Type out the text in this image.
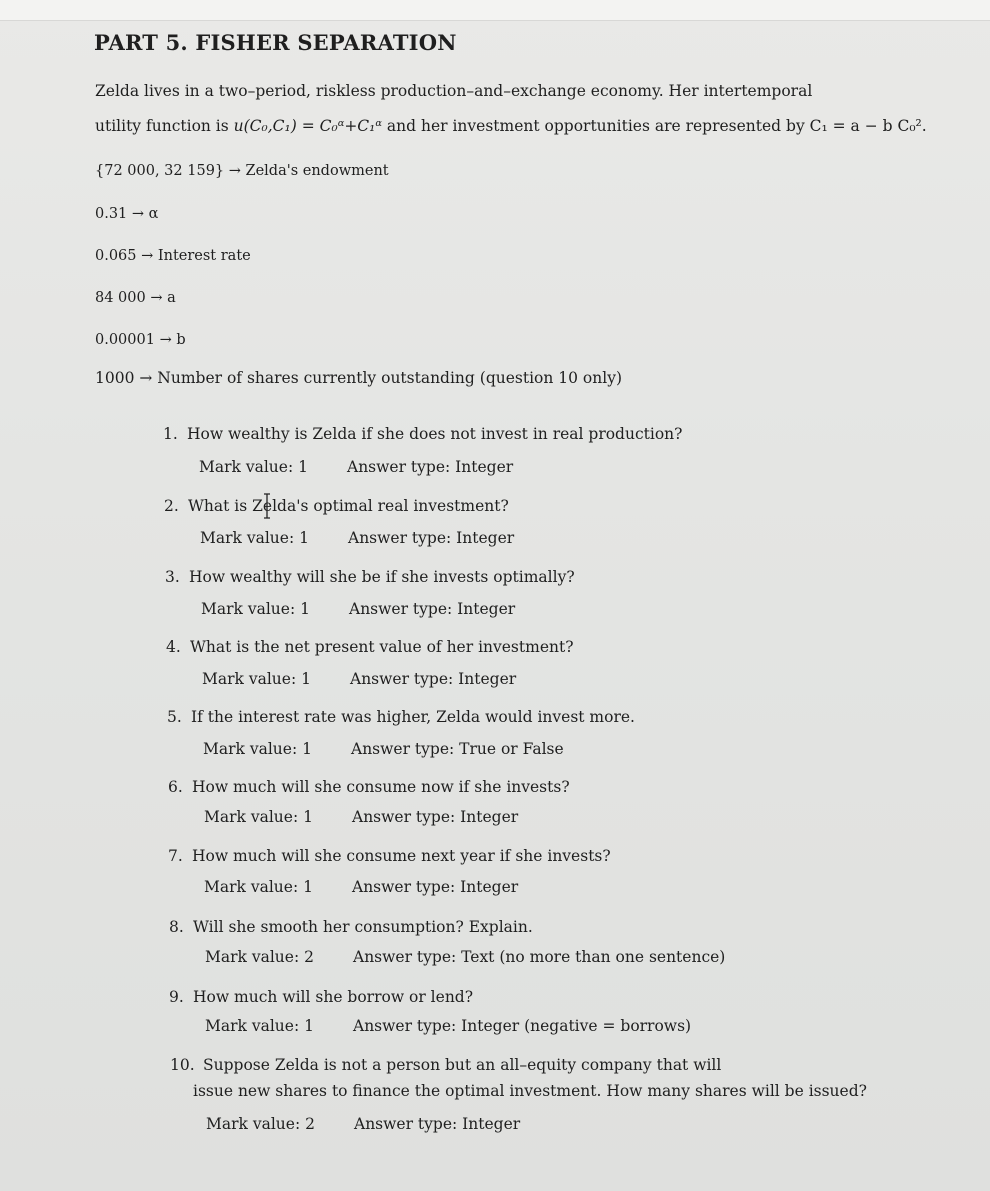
PART 5. FISHER SEPARATION
Zelda lives in a two–period, riskless production–and–exchange economy. Her intertemporal
utility function is u(C₀,C₁) = C₀ᵅ+C₁ᵅ and her investment opportunities are represented by C₁ = a − b C₀².
{72 000, 32 159} → Zelda's endowment
0.31 → α
0.065 → Interest rate
84 000 → a
0.00001 → b
1000 → Number of shares currently outstanding (question 10 only)
1. How wealthy is Zelda if she does not invest in real production?
Mark value: 1	Answer type: Integer
2. What is Zelda's optimal real investment?
Mark value: 1	Answer type: Integer
3. How wealthy will she be if she invests optimally?
Mark value: 1	Answer type: Integer
4. What is the net present value of her investment?
Mark value: 1	Answer type: Integer
5. If the interest rate was higher, Zelda would invest more.
Mark value: 1	Answer type: True or False
6. How much will she consume now if she invests?
Mark value: 1	Answer type: Integer
7. How much will she consume next year if she invests?
Mark value: 1	Answer type: Integer
8. Will she smooth her consumption? Explain.
Mark value: 2	Answer type: Text (no more than one sentence)
9. How much will she borrow or lend?
Mark value: 1	Answer type: Integer (negative = borrows)
10. Suppose Zelda is not a person but an all–equity company that will
issue new shares to finance the optimal investment. How many shares will be issued?
Mark value: 2	Answer type: Integer
